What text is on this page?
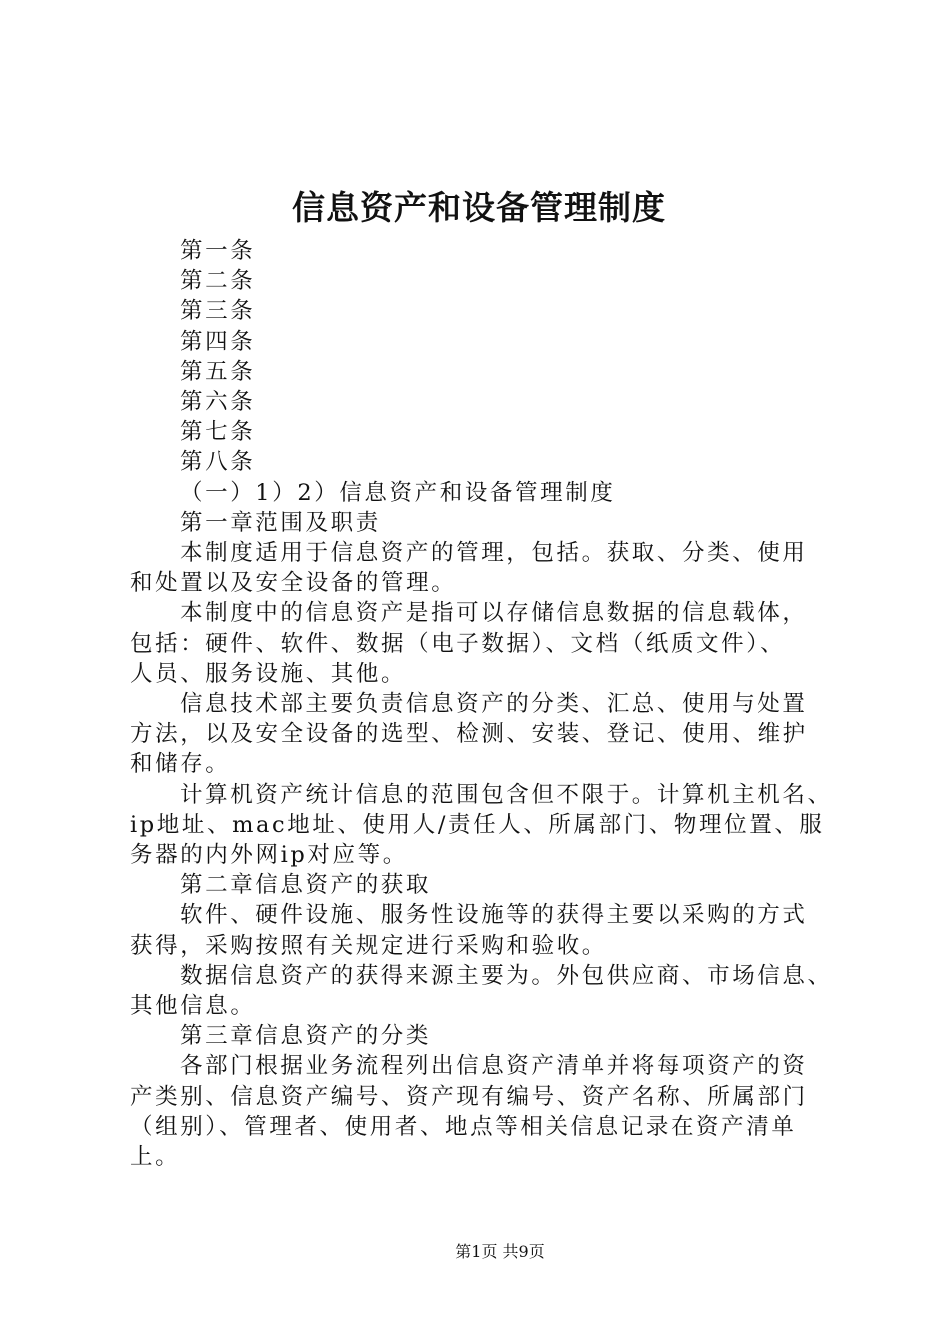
信息资产和设备管理制度
第一条
第二条
第三条
第四条
第五条
第六条
第七条
第八条
（一）1）2）信息资产和设备管理制度
第一章范围及职责
本制度适用于信息资产的管理，包括。获取、分类、使用
和处置以及安全设备的管理。
本制度中的信息资产是指可以存储信息数据的信息载体，
包括：硬件、软件、数据（电子数据）、文档（纸质文件）、
人员、服务设施、其他。
信息技术部主要负责信息资产的分类、汇总、使用与处置
方法，以及安全设备的选型、检测、安装、登记、使用、维护
和储存。
计算机资产统计信息的范围包含但不限于。计算机主机名、
ip地址、mac地址、使用人/责任人、所属部门、物理位置、服
务器的内外网ip对应等。
第二章信息资产的获取
软件、硬件设施、服务性设施等的获得主要以采购的方式
获得，采购按照有关规定进行采购和验收。
数据信息资产的获得来源主要为。外包供应商、市场信息、
其他信息。
第三章信息资产的分类
各部门根据业务流程列出信息资产清单并将每项资产的资
产类别、信息资产编号、资产现有编号、资产名称、所属部门
（组别）、管理者、使用者、地点等相关信息记录在资产清单
上。
第1页 共9页
